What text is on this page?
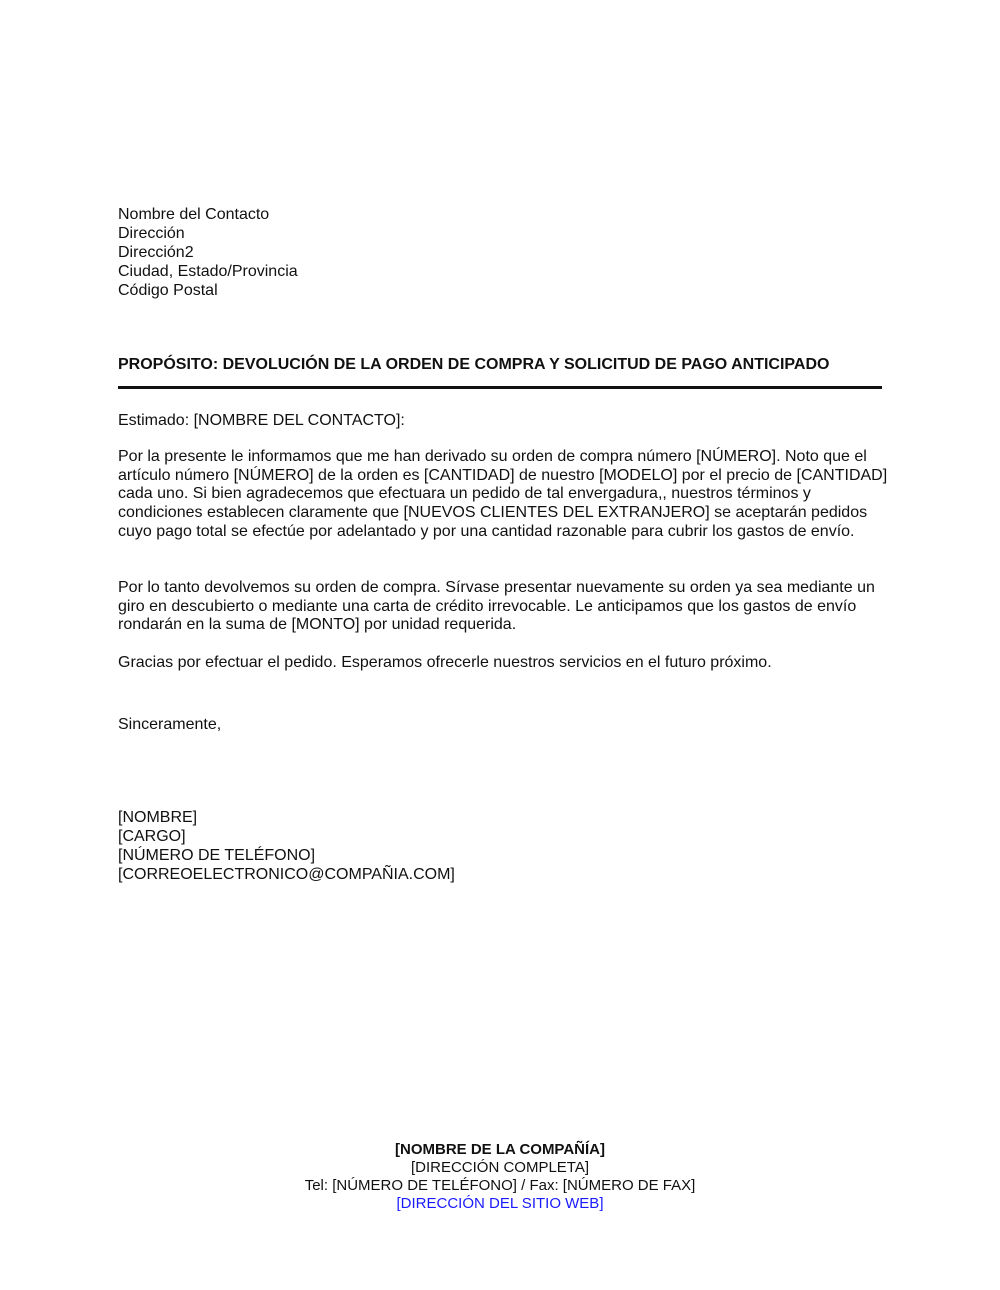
Nombre del Contacto
Dirección
Dirección2
Ciudad, Estado/Provincia
Código Postal
PROPÓSITO: DEVOLUCIÓN DE LA ORDEN DE COMPRA Y SOLICITUD DE PAGO ANTICIPADO
Estimado: [NOMBRE DEL CONTACTO]:
Por la presente le informamos que me han derivado su orden de compra número [NÚMERO]. Noto que el artículo número [NÚMERO] de la orden es [CANTIDAD] de nuestro [MODELO] por el precio de [CANTIDAD] cada uno. Si bien agradecemos que efectuara un pedido de tal envergadura,, nuestros términos y condiciones establecen claramente que [NUEVOS CLIENTES DEL EXTRANJERO] se aceptarán pedidos cuyo pago total se efectúe por adelantado y por una cantidad razonable para cubrir los gastos de envío.
Por lo tanto devolvemos su orden de compra. Sírvase presentar nuevamente su orden ya sea mediante un giro en descubierto o mediante una carta de crédito irrevocable. Le anticipamos que los gastos de envío rondarán en la suma de [MONTO] por unidad requerida.
Gracias por efectuar el pedido. Esperamos ofrecerle nuestros servicios en el futuro próximo.
Sinceramente,
[NOMBRE]
[CARGO]
[NÚMERO DE TELÉFONO]
[CORREOELECTRONICO@COMPAÑIA.COM]
[NOMBRE DE LA COMPAÑÍA]
[DIRECCIÓN COMPLETA]
Tel: [NÚMERO DE TELÉFONO] / Fax: [NÚMERO DE FAX]
[DIRECCIÓN DEL SITIO WEB]
